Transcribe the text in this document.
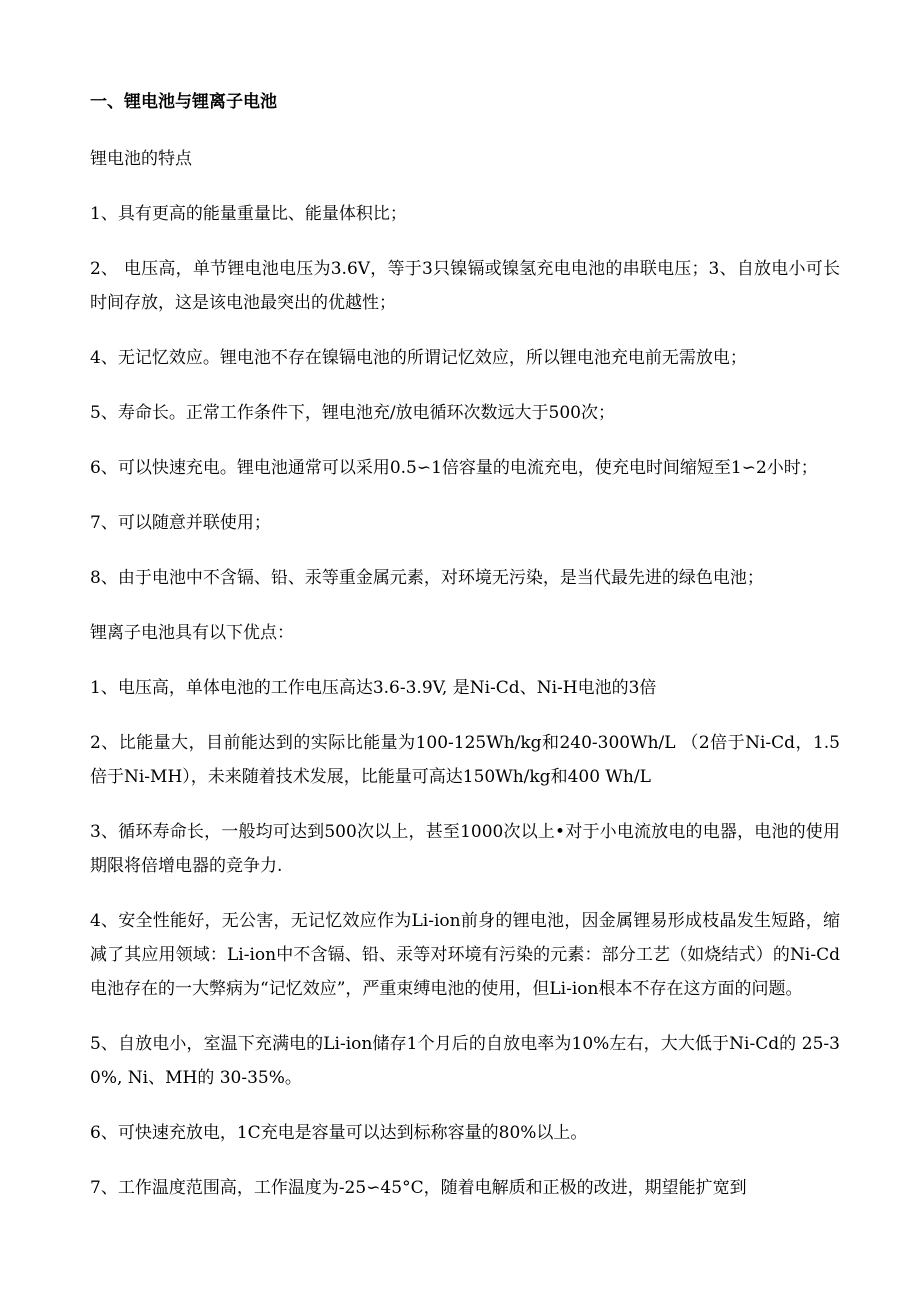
一、锂电池与锂离子电池

锂电池的特点

1、具有更高的能量重量比、能量体积比；

2、 电压高，单节锂电池电压为3.6V，等于3只镍镉或镍氢充电电池的串联电压；3、自放电小可长时间存放，这是该电池最突出的优越性；

4、无记忆效应。锂电池不存在镍镉电池的所谓记忆效应，所以锂电池充电前无需放电；

5、寿命长。正常工作条件下，锂电池充/放电循环次数远大于500次；

6、可以快速充电。锂电池通常可以采用0.5∽1倍容量的电流充电，使充电时间缩短至1∽2小时；

7、可以随意并联使用；

8、由于电池中不含镉、铅、汞等重金属元素，对环境无污染，是当代最先进的绿色电池；

锂离子电池具有以下优点：

1、电压高，单体电池的工作电压高达3.6-3.9V, 是Ni-Cd、Ni-H电池的3倍

2、比能量大，目前能达到的实际比能量为100-125Wh/kg和240-300Wh/L （2倍于Ni-Cd，1.5倍于Ni-MH），未来随着技术发展，比能量可高达150Wh/kg和400 Wh/L

3、循环寿命长，一般均可达到500次以上，甚至1000次以上•对于小电流放电的电器，电池的使用期限将倍增电器的竞争力.

4、安全性能好，无公害，无记忆效应作为Li-ion前身的锂电池，因金属锂易形成枝晶发生短路，缩减了其应用领域：Li-ion中不含镉、铅、汞等对环境有污染的元素：部分工艺（如烧结式）的Ni-Cd电池存在的一大弊病为“记忆效应”，严重束缚电池的使用，但Li-ion根本不存在这方面的问题。

5、自放电小，室温下充满电的Li-ion储存1个月后的自放电率为10%左右，大大低于Ni-Cd的 25-30%, Ni、MH的 30-35%。

6、可快速充放电，1C充电是容量可以达到标称容量的80%以上。

7、工作温度范围高，工作温度为-25∽45°C，随着电解质和正极的改进，期望能扩宽到
